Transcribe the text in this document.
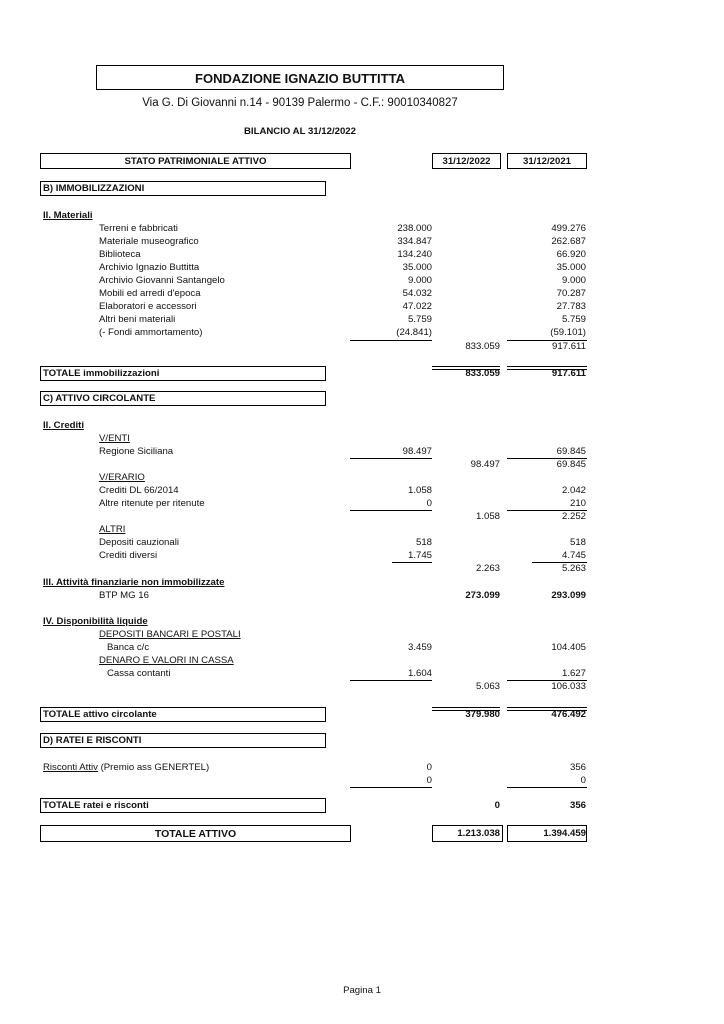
FONDAZIONE IGNAZIO BUTTITTA
Via G. Di Giovanni n.14 - 90139 Palermo - C.F.: 90010340827
BILANCIO AL 31/12/2022
STATO PATRIMONIALE ATTIVO	31/12/2022	31/12/2021
B) IMMOBILIZZAZIONI
II. Materiali
Terreni e fabbricati	238.000	499.276
Materiale museografico	334.847	262.687
Biblioteca	134.240	66.920
Archivio Ignazio Buttitta	35.000	35.000
Archivio Giovanni Santangelo	9.000	9.000
Mobili ed arredi d'epoca	54.032	70.287
Elaboratori e accessori	47.022	27.783
Altri beni materiali	5.759	5.759
(- Fondi ammortamento)	(24.841)	(59.101)
833.059	917.611
TOTALE immobilizzazioni	833.059	917.611
C) ATTIVO CIRCOLANTE
II. Crediti
V/ENTI
Regione Siciliana	98.497	69.845
98.497	69.845
V/ERARIO
Crediti DL 66/2014	1.058	2.042
Altre ritenute per ritenute	0	210
1.058	2.252
ALTRI
Depositi cauzionali	518	518
Crediti diversi	1.745	4.745
2.263	5.263
III. Attività finanziarie non immobilizzate
BTP MG 16	273.099	293.099
IV. Disponibilità liquide
DEPOSITI BANCARI E POSTALI
Banca c/c	3.459	104.405
DENARO E VALORI IN CASSA
Cassa contanti	1.604	1.627
5.063	106.033
TOTALE attivo circolante	379.980	476.492
D) RATEI E RISCONTI
Risconti Attiv (Premio ass GENERTEL)	0	356
0	0
TOTALE ratei e risconti	0	356
TOTALE ATTIVO	1.213.038	1.394.459
Pagina 1
